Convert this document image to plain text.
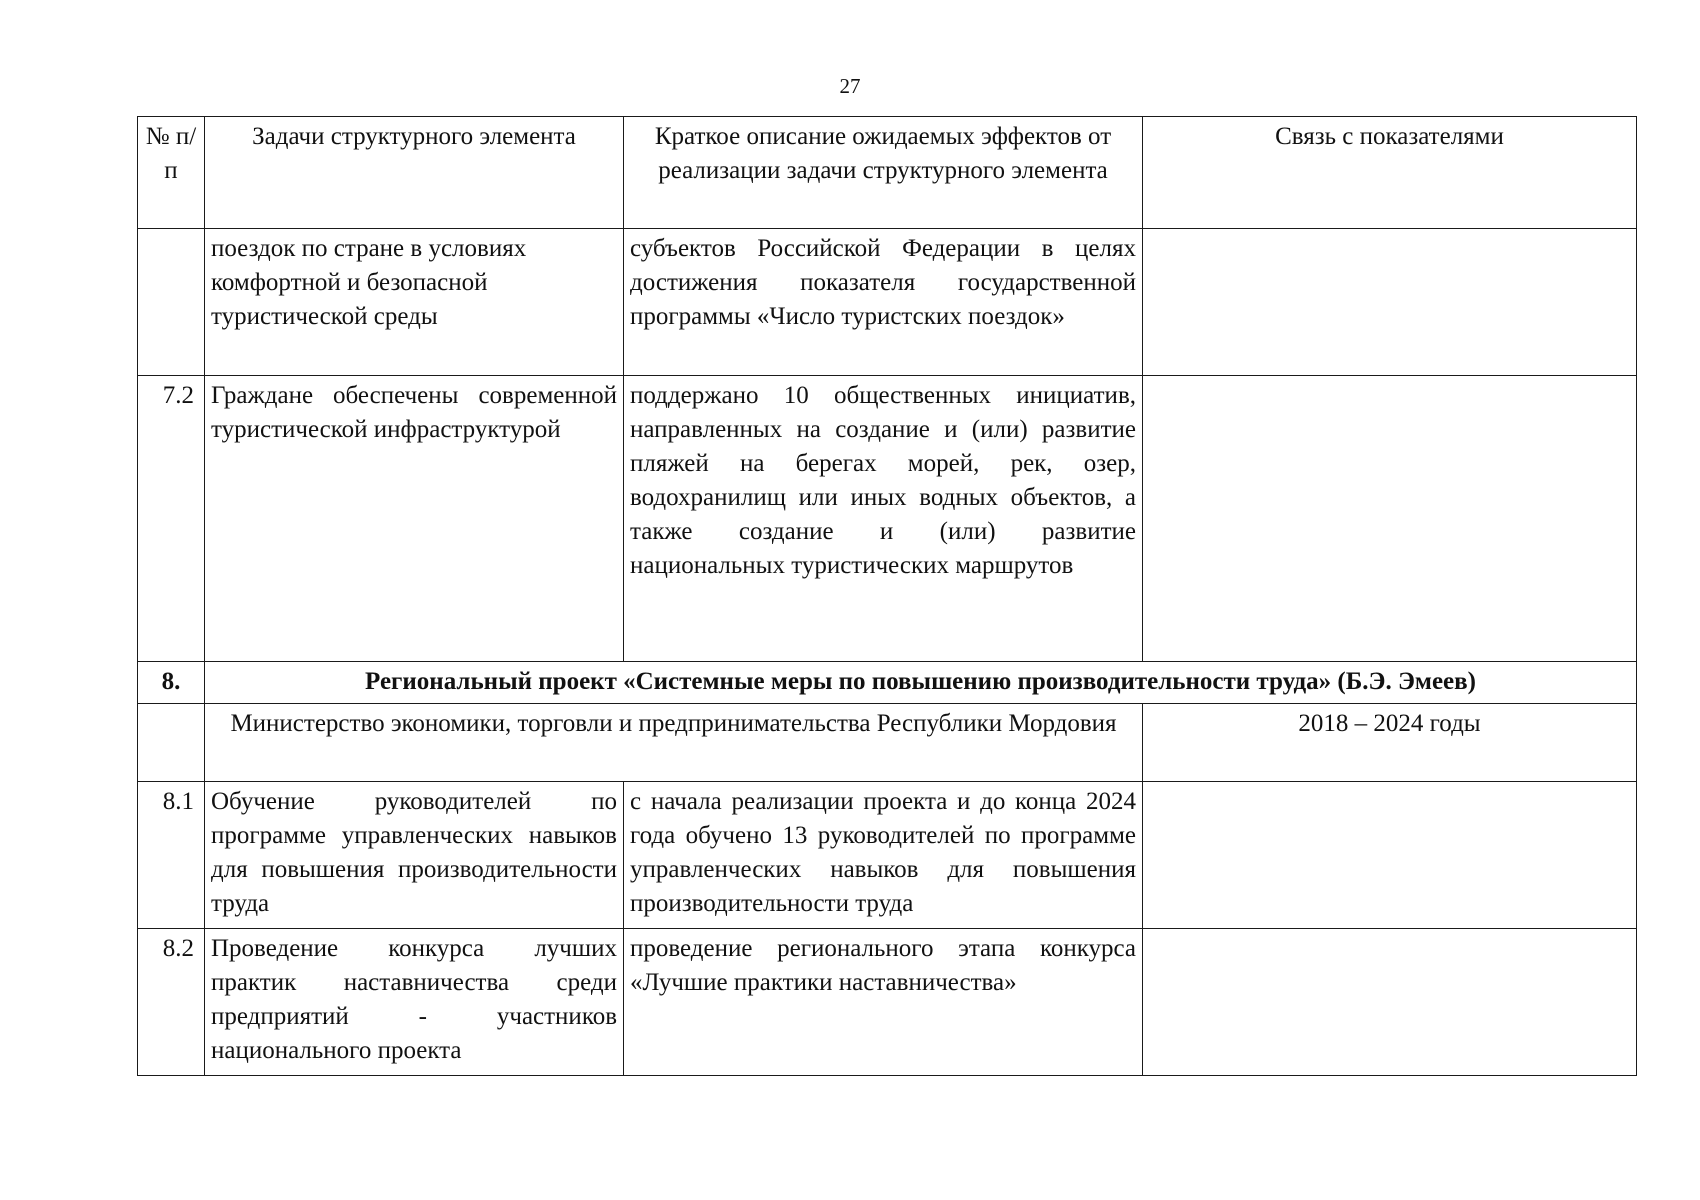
27
№ п/п	Задачи структурного элемента	Краткое описание ожидаемых эффектов от реализации задачи структурного элемента	Связь с показателями
	поездок по стране в условиях комфортной и безопасной туристической среды	субъектов Российской Федерации в целях достижения показателя государственной программы «Число туристских поездок»	
7.2	Граждане обеспечены современной туристической инфраструктурой	поддержано 10 общественных инициатив, направленных на создание и (или) развитие пляжей на берегах морей, рек, озер, водохранилищ или иных водных объектов, а также создание и (или) развитие национальных туристических маршрутов	
8.	Региональный проект «Системные меры по повышению производительности труда» (Б.Э. Эмеев)		
	Министерство экономики, торговли и предпринимательства Республики Мордовия		2018 – 2024 годы
8.1	Обучение руководителей по программе управленческих навыков для повышения производительности труда	с начала реализации проекта и до конца 2024 года обучено 13 руководителей по программе управленческих навыков для повышения производительности труда	
8.2	Проведение конкурса лучших практик наставничества среди предприятий - участников национального проекта	проведение регионального этапа конкурса «Лучшие практики наставничества»	
